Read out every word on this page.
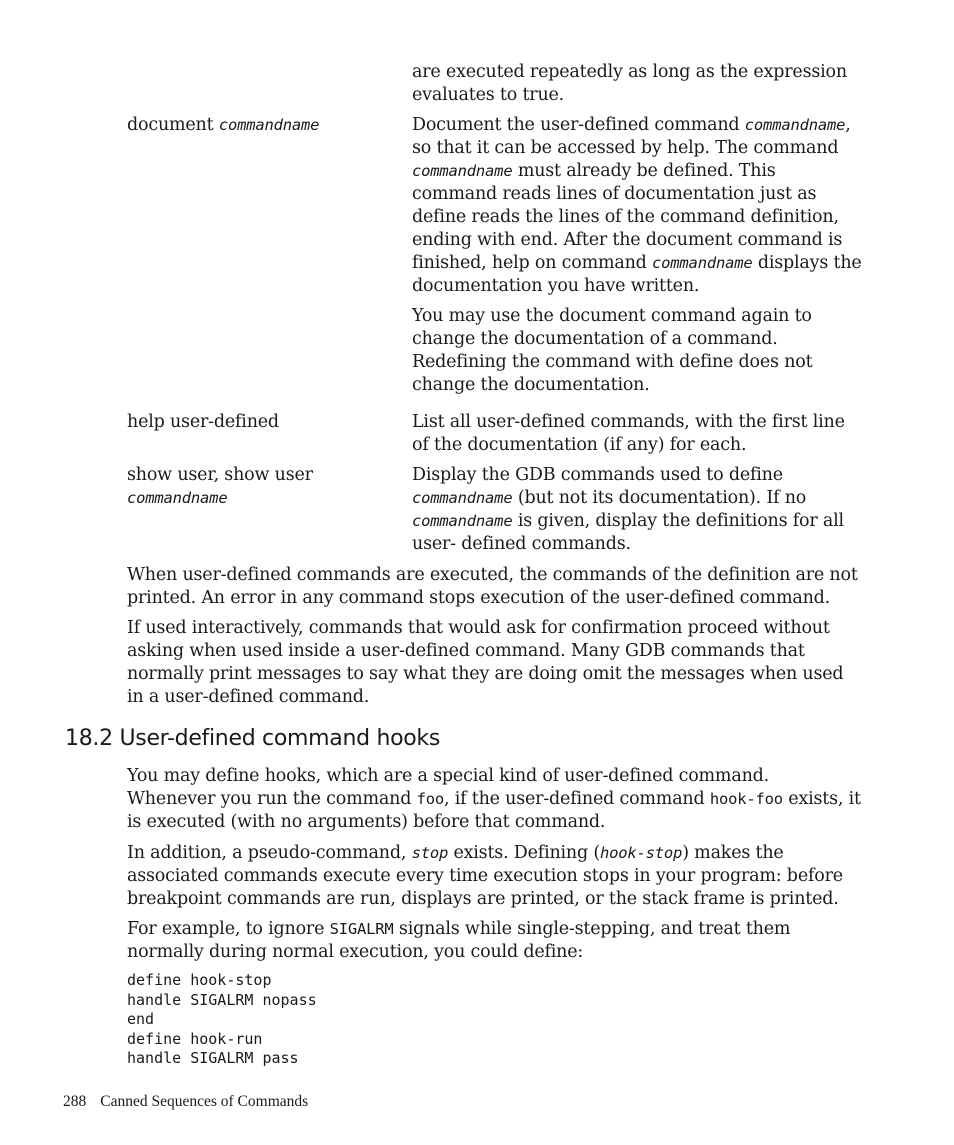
are executed repeatedly as long as the expression evaluates to true.
document commandname	Document the user-defined command commandname, so that it can be accessed by help. The command commandname must already be defined. This command reads lines of documentation just as define reads the lines of the command definition, ending with end. After the document command is finished, help on command commandname displays the documentation you have written.
You may use the document command again to change the documentation of a command. Redefining the command with define does not change the documentation.
help user-defined	List all user-defined commands, with the first line of the documentation (if any) for each.
show user, show user
commandname
Display the GDB commands used to define commandname (but not its documentation). If no commandname is given, display the definitions for all user- defined commands.
When user-defined commands are executed, the commands of the definition are not printed. An error in any command stops execution of the user-defined command.
If used interactively, commands that would ask for confirmation proceed without asking when used inside a user-defined command. Many GDB commands that normally print messages to say what they are doing omit the messages when used in a user-defined command.
18.2 User-defined command hooks
You may define hooks, which are a special kind of user-defined command. Whenever you run the command foo, if the user-defined command hook-foo exists, it is executed (with no arguments) before that command.
In addition, a pseudo-command, stop exists. Defining (hook-stop) makes the associated commands execute every time execution stops in your program: before breakpoint commands are run, displays are printed, or the stack frame is printed.
For example, to ignore SIGALRM signals while single-stepping, and treat them normally during normal execution, you could define:
define hook-stop
handle SIGALRM nopass
end
define hook-run
handle SIGALRM pass
288 Canned Sequences of Commands
